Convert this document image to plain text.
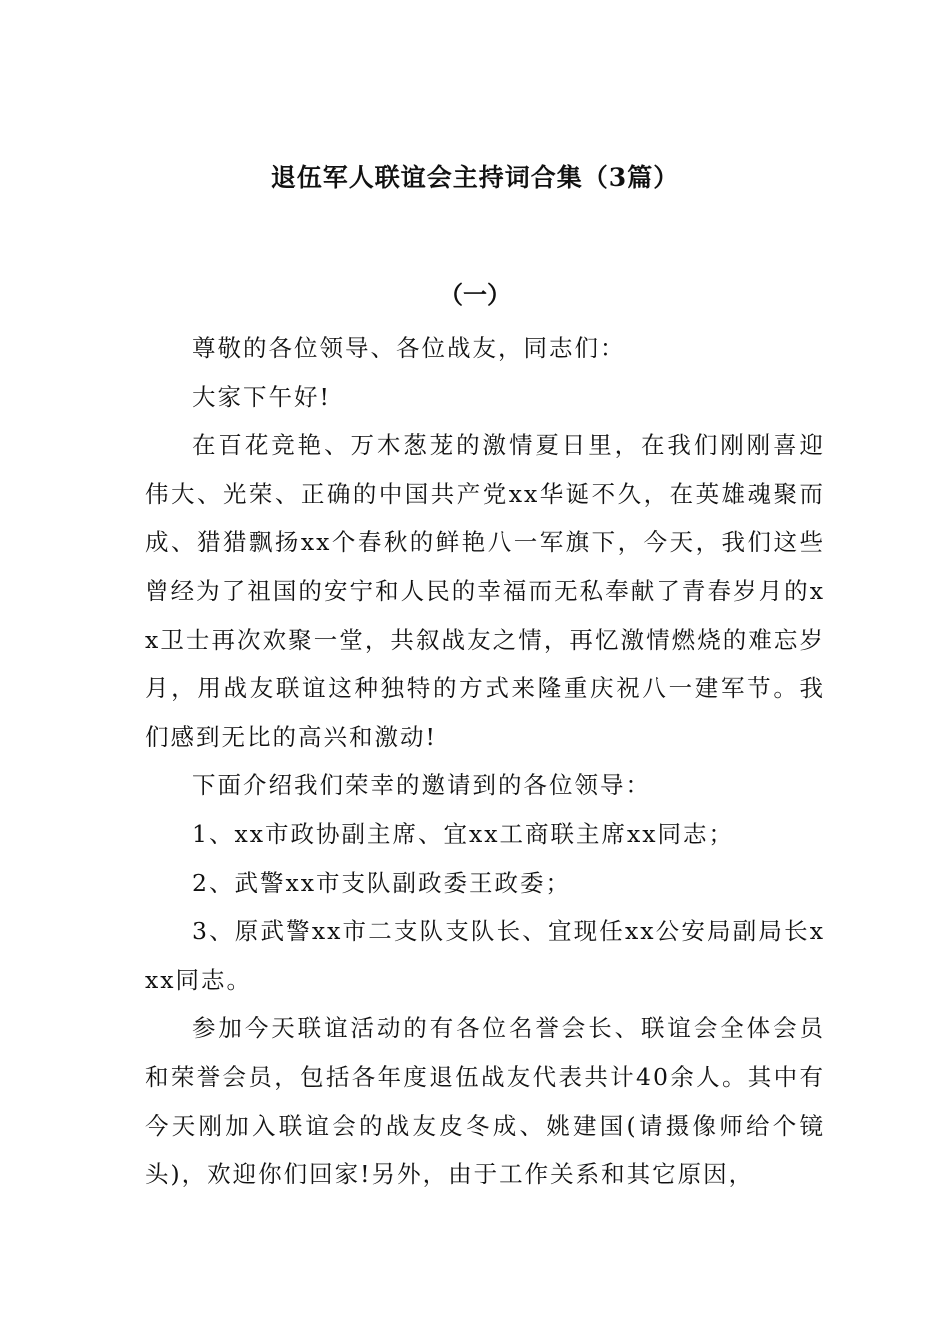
退伍军人联谊会主持词合集（3篇）
（一）

尊敬的各位领导、各位战友，同志们：

大家下午好!

在百花竞艳、万木葱茏的激情夏日里，在我们刚刚喜迎伟大、光荣、正确的中国共产党xx华诞不久，在英雄魂聚而成、猎猎飘扬xx个春秋的鲜艳八一军旗下，今天，我们这些曾经为了祖国的安宁和人民的幸福而无私奉献了青春岁月的xx卫士再次欢聚一堂，共叙战友之情，再忆激情燃烧的难忘岁月，用战友联谊这种独特的方式来隆重庆祝八一建军节。我们感到无比的高兴和激动!

下面介绍我们荣幸的邀请到的各位领导：

1、xx市政协副主席、宜xx工商联主席xx同志；

2、武警xx市支队副政委王政委；

3、原武警xx市二支队支队长、宜现任xx公安局副局长xxx同志。

参加今天联谊活动的有各位名誉会长、联谊会全体会员和荣誉会员，包括各年度退伍战友代表共计40余人。其中有今天刚加入联谊会的战友皮冬成、姚建国(请摄像师给个镜头)，欢迎你们回家!另外，由于工作关系和其它原因，
